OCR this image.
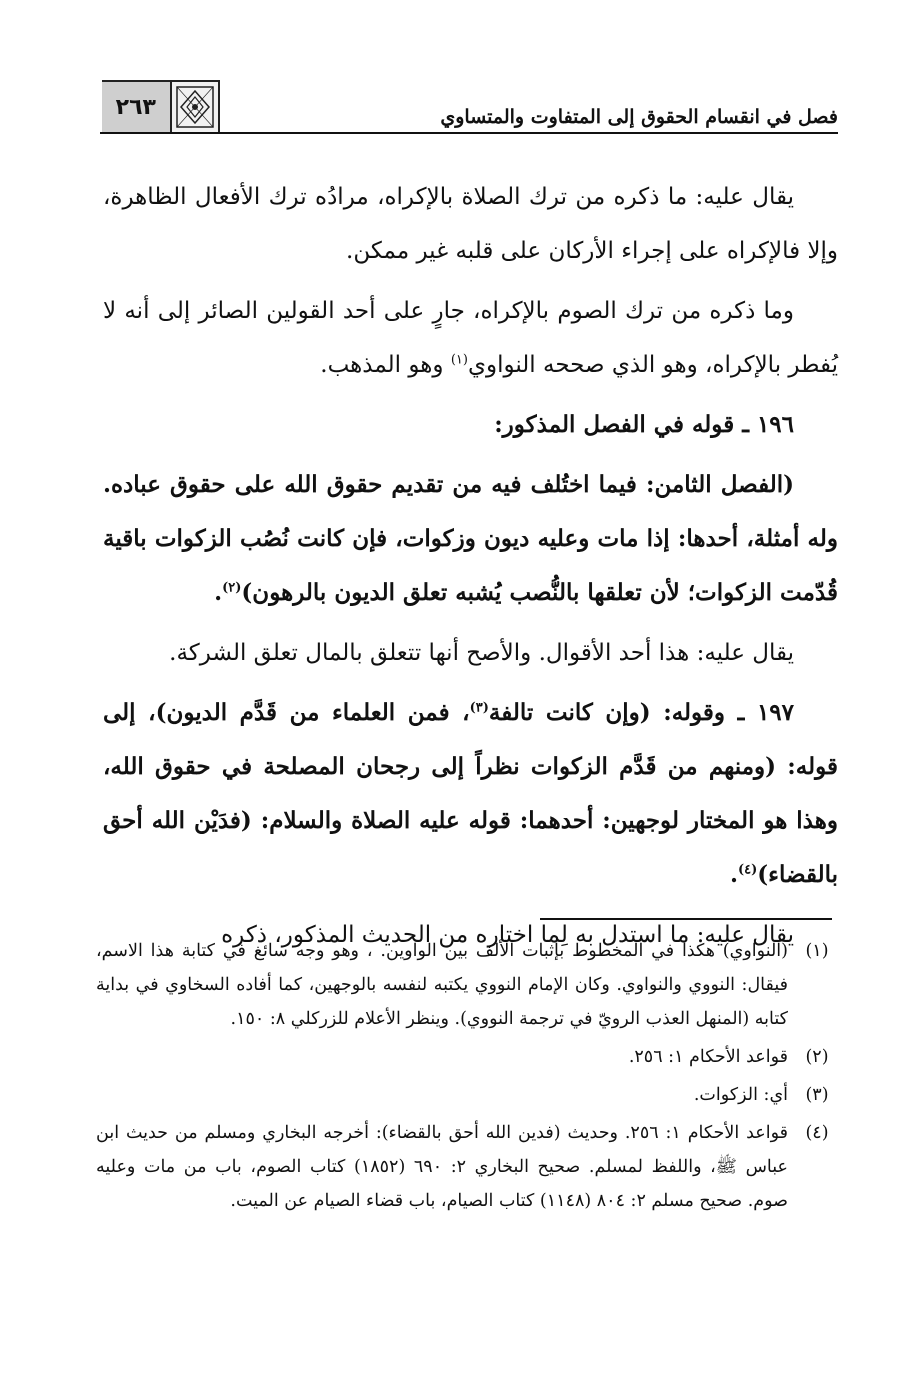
٢٦٣	فصل في انقسام الحقوق إلى المتفاوت والمتساوي

يقال عليه: ما ذكره من ترك الصلاة بالإكراه، مرادُه ترك الأفعال الظاهرة، وإلا فالإكراه على إجراء الأركان على قلبه غير ممكن.

وما ذكره من ترك الصوم بالإكراه، جارٍ على أحد القولين الصائر إلى أنه لا يُفطر بالإكراه، وهو الذي صححه النواوي$^{(١)}$ وهو المذهب.

١٩٦ ـ قوله في الفصل المذكور:

(الفصل الثامن: فيما اختُلف فيه من تقديم حقوق الله على حقوق عباده. وله أمثلة، أحدها: إذا مات وعليه ديون وزكوات، فإن كانت نُصُب الزكوات باقية قُدّمت الزكوات؛ لأن تعلقها بالنُّصب يُشبه تعلق الديون بالرهون)$^{(٢)}$.

يقال عليه: هذا أحد الأقوال. والأصح أنها تتعلق بالمال تعلق الشركة.

١٩٧ ـ وقوله: (وإن كانت تالفة$^{(٣)}$، فمن العلماء من قَدَّم الديون)، إلى قوله: (ومنهم من قَدَّم الزكوات نظراً إلى رجحان المصلحة في حقوق الله، وهذا هو المختار لوجهين: أحدهما: قوله عليه الصلاة والسلام: (فدَيْن الله أحق بالقضاء)$^{(٤)}$.

يقال عليه: ما استدل به لِما اختاره من الحديث المذكور، ذكره

(١)
(النواوي) هكذا في المخطوط بإثبات الألف بين الواوين. ، وهو وجه سائغ في كتابة هذا الاسم، فيقال: النووي والنواوي. وكان الإمام النووي يكتبه لنفسه بالوجهين، كما أفاده السخاوي في بداية كتابه (المنهل العذب الرويّ في ترجمة النووي). وينظر الأعلام للزركلي ٨: ١٥٠.
(٢)
قواعد الأحكام ١: ٢٥٦.
(٣)
أي: الزكوات.
(٤)
قواعد الأحكام ١: ٢٥٦. وحديث (فدين الله أحق بالقضاء): أخرجه البخاري ومسلم من حديث ابن عباس ﷺ، واللفظ لمسلم. صحيح البخاري ٢: ٦٩٠ (١٨٥٢) كتاب الصوم، باب من مات وعليه صوم. صحيح مسلم ٢: ٨٠٤ (١١٤٨) كتاب الصيام، باب قضاء الصيام عن الميت.
